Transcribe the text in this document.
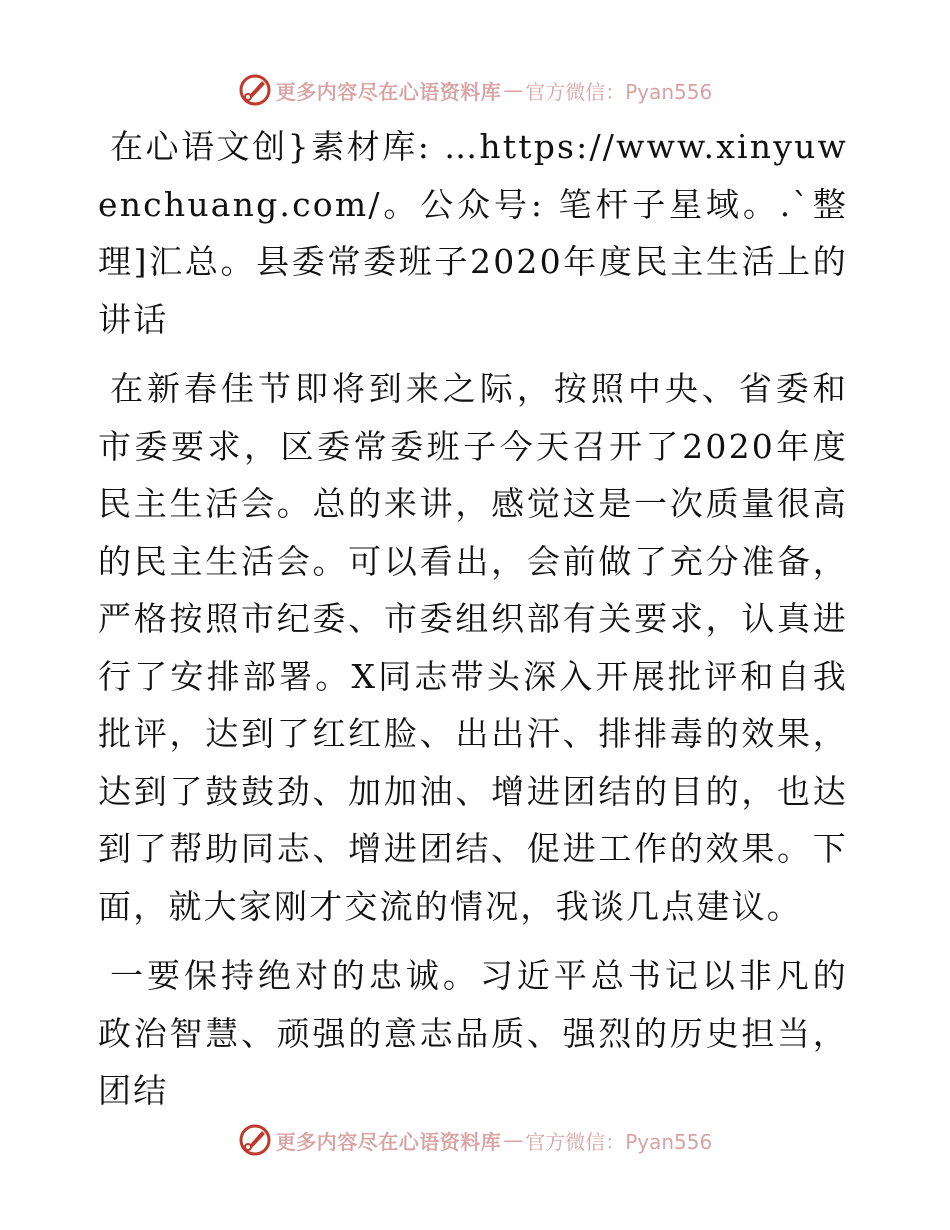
更多内容尽在心语资料库 — 官方微信：Pyan556

在心语文创}素材库: …https://www.xinyuwenchuang.com/。公众号: 笔杆子星域。.`整理]汇总。县委常委班子2020年度民主生活上的讲话

在新春佳节即将到来之际，按照中央、省委和市委要求，区委常委班子今天召开了2020年度民主生活会。总的来讲，感觉这是一次质量很高的民主生活会。可以看出，会前做了充分准备，严格按照市纪委、市委组织部有关要求，认真进行了安排部署。X同志带头深入开展批评和自我批评，达到了红红脸、出出汗、排排毒的效果，达到了鼓鼓劲、加加油、增进团结的目的，也达到了帮助同志、增进团结、促进工作的效果。下面，就大家刚才交流的情况，我谈几点建议。

一要保持绝对的忠诚。习近平总书记以非凡的政治智慧、顽强的意志品质、强烈的历史担当，团结

更多内容尽在心语资料库 — 官方微信：Pyan556
